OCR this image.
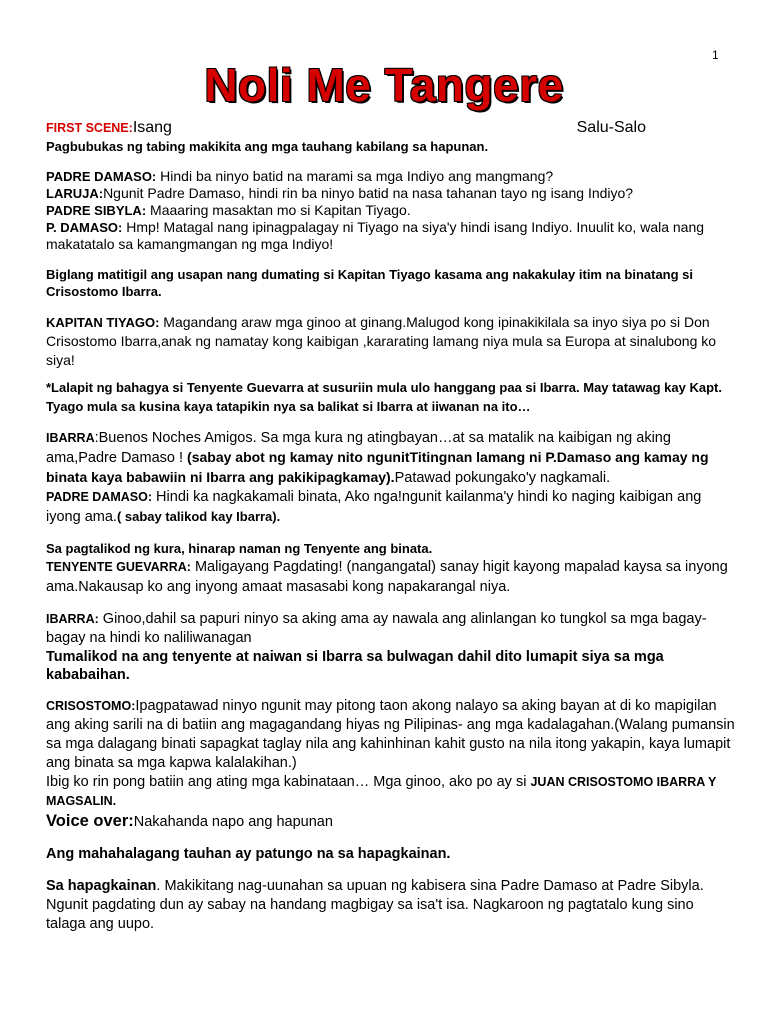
1
Noli Me Tangere
FIRST SCENE:Isang	Salu-Salo

Pagbubukas ng tabing makikita ang mga tauhang kabilang sa hapunan.

PADRE DAMASO: Hindi ba ninyo batid na marami sa mga Indiyo ang mangmang?

LARUJA:Ngunit Padre Damaso, hindi rin ba ninyo batid na nasa tahanan tayo ng isang Indiyo?

PADRE SIBYLA: Maaaring masaktan mo si Kapitan Tiyago.

P. DAMASO: Hmp! Matagal nang ipinagpalagay ni Tiyago na siya'y hindi isang Indiyo. Inuulit ko, wala nang makatatalo sa kamangmangan ng mga Indiyo!

Biglang matitigil ang usapan nang dumating si Kapitan Tiyago kasama ang nakakulay itim na binatang si Crisostomo Ibarra.

KAPITAN TIYAGO: Magandang araw mga ginoo at ginang.Malugod kong ipinakikilala sa inyo siya po si Don Crisostomo Ibarra,anak ng namatay kong kaibigan ,kararating lamang niya mula sa Europa at sinalubong ko siya!

*Lalapit ng bahagya si Tenyente Guevarra at susuriin mula ulo hanggang paa si Ibarra. May tatawag kay Kapt. Tyago mula sa kusina kaya tatapikin nya sa balikat si Ibarra at iiwanan na ito…

IBARRA:Buenos Noches Amigos. Sa mga kura ng atingbayan…at sa matalik na kaibigan ng aking ama,Padre Damaso ! (sabay abot ng kamay nito ngunitTitingnan lamang ni P.Damaso ang kamay ng binata kaya babawiin ni Ibarra ang pakikipagkamay).Patawad pokungako'y nagkamali.

PADRE DAMASO: Hindi ka nagkakamali binata, Ako nga!ngunit kailanma'y hindi ko naging kaibigan ang iyong ama.( sabay talikod kay Ibarra).

Sa pagtalikod ng kura, hinarap naman ng Tenyente ang binata.

TENYENTE GUEVARRA: Maligayang Pagdating! (nangangatal) sanay higit kayong mapalad kaysa sa inyong ama.Nakausap ko ang inyong amaat masasabi kong napakarangal niya.

IBARRA: Ginoo,dahil sa papuri ninyo sa aking ama ay nawala ang alinlangan ko tungkol sa mga bagay-bagay na hindi ko naliliwanagan

Tumalikod na ang tenyente at naiwan si Ibarra sa bulwagan dahil dito lumapit siya sa mga kababaihan.

CRISOSTOMO:Ipagpatawad ninyo ngunit may pitong taon akong nalayo sa aking bayan at di ko mapigilan ang aking sarili na di batiin ang magagandang hiyas ng Pilipinas- ang mga kadalagahan.(Walang pumansin sa mga dalagang binati sapagkat taglay nila ang kahinhinan kahit gusto na nila itong yakapin, kaya lumapit ang binata sa mga kapwa kalalakihan.)

Ibig ko rin pong batiin ang ating mga kabinataan… Mga ginoo, ako po ay si JUAN CRISOSTOMO IBARRA Y MAGSALIN.

Voice over:Nakahanda napo ang hapunan

Ang mahahalagang tauhan ay patungo na sa hapagkainan.

Sa hapagkainan. Makikitang nag-uunahan sa upuan ng kabisera sina Padre Damaso at Padre Sibyla. Ngunit pagdating dun ay sabay na handang magbigay sa isa't isa. Nagkaroon ng pagtatalo kung sino talaga ang uupo.
